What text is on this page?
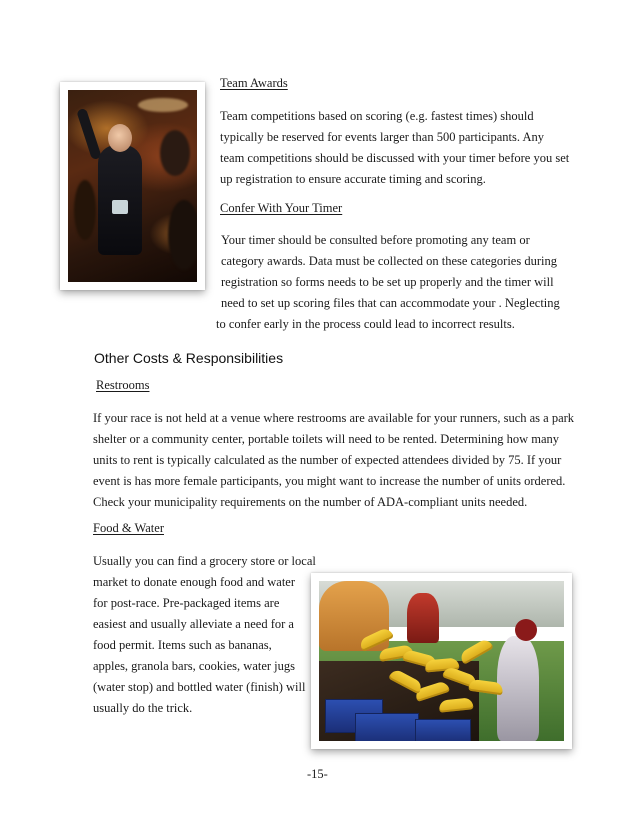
Team Awards
Team competitions based on scoring (e.g. fastest times) should
typically be reserved for events larger than 500 participants. Any
team competitions should be discussed with your timer before you set
up registration to ensure accurate timing and scoring.
Confer With Your Timer
Your timer should be consulted before promoting any team or
category awards. Data must be collected on these categories during
registration so forms needs to be set up properly and the timer will
need to set up scoring files that can accommodate your . Neglecting
to confer early in the process could lead to incorrect results.
Other Costs & Responsibilities
Restrooms
If your race is not held at a venue where restrooms are available for your runners, such as a park
shelter or a community center, portable toilets will need to be rented. Determining how many
units to rent is typically calculated as the number of expected attendees divided by 75. If your
event is has more female participants, you might want to increase the number of units ordered.
Check your municipality requirements on the number of ADA-compliant units needed.
Food & Water
Usually you can find a grocery store or local
market to donate enough food and water
for post-race. Pre-packaged items are
easiest and usually alleviate a need for a
food permit. Items such as bananas,
apples, granola bars, cookies, water jugs
(water stop) and bottled water (finish) will
usually do the trick.
-15-
